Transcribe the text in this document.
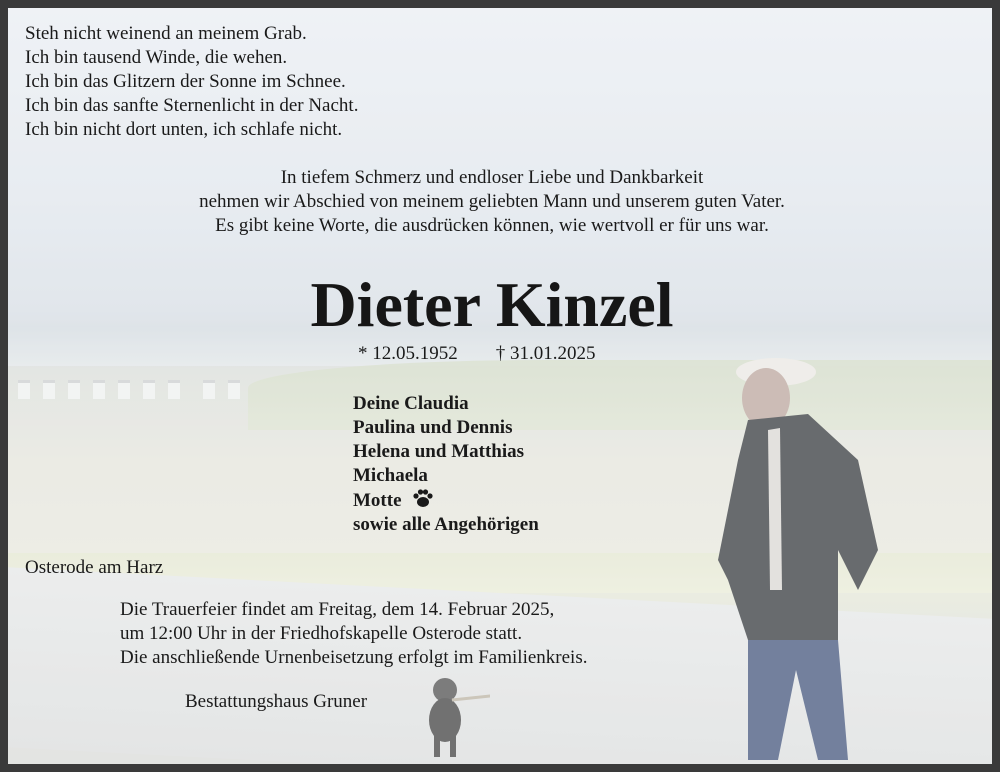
Steh nicht weinend an meinem Grab.
Ich bin tausend Winde, die wehen.
Ich bin das Glitzern der Sonne im Schnee.
Ich bin das sanfte Sternenlicht in der Nacht.
Ich bin nicht dort unten, ich schlafe nicht.
In tiefem Schmerz und endloser Liebe und Dankbarkeit
nehmen wir Abschied von meinem geliebten Mann und unserem guten Vater.
Es gibt keine Worte, die ausdrücken können, wie wertvoll er für uns war.
Dieter Kinzel
* 12.05.1952 † 31.01.2025
Deine Claudia
Paulina und Dennis
Helena und Matthias
Michaela
Motte
sowie alle Angehörigen
Osterode am Harz
Die Trauerfeier findet am Freitag, dem 14. Februar 2025,
um 12:00 Uhr in der Friedhofskapelle Osterode statt.
Die anschließende Urnenbeisetzung erfolgt im Familienkreis.
Bestattungshaus Gruner
